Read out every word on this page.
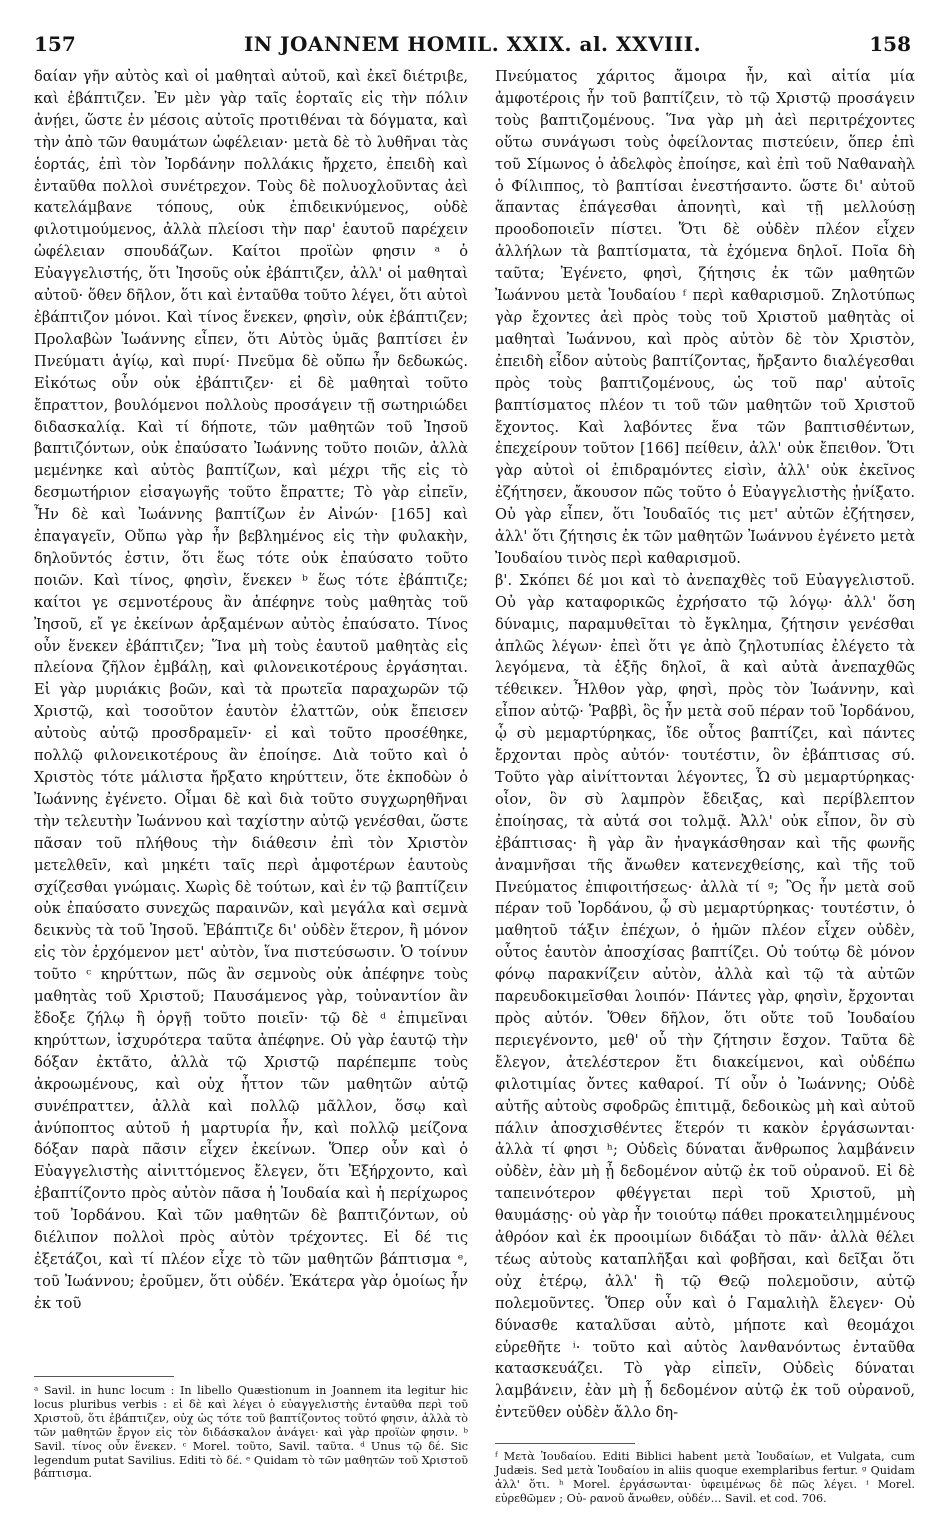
157	IN JOANNEM HOMIL. XXIX. al. XXVIII.	158

δαίαν γῆν αὐτὸς καὶ οἱ μαθηταὶ αὐτοῦ, καὶ ἐκεῖ διέτριβε, καὶ ἐβάπτιζεν. Ἐν μὲν γὰρ ταῖς ἑορταῖς εἰς τὴν πόλιν ἀνῄει, ὥστε ἐν μέσοις αὐτοῖς προτιθέναι τὰ δόγματα, καὶ τὴν ἀπὸ τῶν θαυμάτων ὠφέλειαν· μετὰ δὲ τὸ λυθῆναι τὰς ἑορτάς, ἐπὶ τὸν Ἰορδάνην πολλάκις ἤρχετο, ἐπειδὴ καὶ ἐνταῦθα πολλοὶ συνέτρεχον. Τοὺς δὲ πολυοχλοῦντας ἀεὶ κατελάμβανε τόπους, οὐκ ἐπιδεικνύμενος, οὐδὲ φιλοτιμούμενος, ἀλλὰ πλείοσι τὴν παρ' ἑαυτοῦ παρέχειν ὠφέλειαν σπουδάζων. Καίτοι προϊὼν φησιν ᵃ ὁ Εὐαγγελιστής, ὅτι Ἰησοῦς οὐκ ἐβάπτιζεν, ἀλλ' οἱ μαθηταὶ αὐτοῦ· ὅθεν δῆλον, ὅτι καὶ ἐνταῦθα τοῦτο λέγει, ὅτι αὐτοὶ ἐβάπτιζον μόνοι. Καὶ τίνος ἕνεκεν, φησὶν, οὐκ ἐβάπτιζεν; Προλαβὼν Ἰωάννης εἶπεν, ὅτι Αὐτὸς ὑμᾶς βαπτίσει ἐν Πνεύματι ἁγίῳ, καὶ πυρί· Πνεῦμα δὲ οὔπω ἦν δεδωκώς. Εἰκότως οὖν οὐκ ἐβάπτιζεν· εἰ δὲ μαθηταὶ τοῦτο ἔπραττον, βουλόμενοι πολλοὺς προσάγειν τῇ σωτηριώδει διδασκαλίᾳ. Καὶ τί δήποτε, τῶν μαθητῶν τοῦ Ἰησοῦ βαπτιζόντων, οὐκ ἐπαύσατο Ἰωάννης τοῦτο ποιῶν, ἀλλὰ μεμένηκε καὶ αὐτὸς βαπτίζων, καὶ μέχρι τῆς εἰς τὸ δεσμωτήριον εἰσαγωγῆς τοῦτο ἔπραττε; Τὸ γὰρ εἰπεῖν, Ἦν δὲ καὶ Ἰωάννης βαπτίζων ἐν Αἰνών· [165] καὶ ἐπαγαγεῖν, Οὔπω γὰρ ἦν βεβλημένος εἰς τὴν φυλακὴν, δηλοῦντός ἐστιν, ὅτι ἕως τότε οὐκ ἐπαύσατο τοῦτο ποιῶν. Καὶ τίνος, φησὶν, ἕνεκεν ᵇ ἕως τότε ἐβάπτιζε; καίτοι γε σεμνοτέρους ἂν ἀπέφηνε τοὺς μαθητὰς τοῦ Ἰησοῦ, εἴ γε ἐκείνων ἀρξαμένων αὐτὸς ἐπαύσατο. Τίνος οὖν ἕνεκεν ἐβάπτιζεν; Ἵνα μὴ τοὺς ἑαυτοῦ μαθητὰς εἰς πλείονα ζῆλον ἐμβάλῃ, καὶ φιλονεικοτέρους ἐργάσηται. Εἰ γὰρ μυριάκις βοῶν, καὶ τὰ πρωτεῖα παραχωρῶν τῷ Χριστῷ, καὶ τοσοῦτον ἑαυτὸν ἐλαττῶν, οὐκ ἔπεισεν αὐτοὺς αὐτῷ προσδραμεῖν· εἰ καὶ τοῦτο προσέθηκε, πολλῷ φιλονεικοτέρους ἂν ἐποίησε. Διὰ τοῦτο καὶ ὁ Χριστὸς τότε μάλιστα ἤρξατο κηρύττειν, ὅτε ἐκποδὼν ὁ Ἰωάννης ἐγένετο. Οἶμαι δὲ καὶ διὰ τοῦτο συγχωρηθῆναι τὴν τελευτὴν Ἰωάννου καὶ ταχίστην αὐτῷ γενέσθαι, ὥστε πᾶσαν τοῦ πλήθους τὴν διάθεσιν ἐπὶ τὸν Χριστὸν μετελθεῖν, καὶ μηκέτι ταῖς περὶ ἀμφοτέρων ἑαυτοὺς σχίζεσθαι γνώμαις. Χωρὶς δὲ τούτων, καὶ ἐν τῷ βαπτίζειν οὐκ ἐπαύσατο συνεχῶς παραινῶν, καὶ μεγάλα καὶ σεμνὰ δεικνὺς τὰ τοῦ Ἰησοῦ. Ἐβάπτιζε δι' οὐδὲν ἕτερον, ἢ μόνον εἰς τὸν ἐρχόμενον μετ' αὐτὸν, ἵνα πιστεύσωσιν. Ὁ τοίνυν τοῦτο ᶜ κηρύττων, πῶς ἂν σεμνοὺς οὐκ ἀπέφηνε τοὺς μαθητὰς τοῦ Χριστοῦ; Παυσάμενος γὰρ, τοὐναντίον ἂν ἔδοξε ζήλῳ ἢ ὀργῇ τοῦτο ποιεῖν· τῷ δὲ ᵈ ἐπιμεῖναι κηρύττων, ἰσχυρότερα ταῦτα ἀπέφηνε. Οὐ γὰρ ἑαυτῷ τὴν δόξαν ἐκτᾶτο, ἀλλὰ τῷ Χριστῷ παρέπεμπε τοὺς ἀκροωμένους, καὶ οὐχ ἧττον τῶν μαθητῶν αὐτῷ συνέπραττεν, ἀλλὰ καὶ πολλῷ μᾶλλον, ὅσῳ καὶ ἀνύποπτος αὐτοῦ ἡ μαρτυρία ἦν, καὶ πολλῷ μείζονα δόξαν παρὰ πᾶσιν εἶχεν ἐκείνων. Ὅπερ οὖν καὶ ὁ Εὐαγγελιστὴς αἰνιττόμενος ἔλεγεν, ὅτι Ἐξήρχοντο, καὶ ἐβαπτίζοντο πρὸς αὐτὸν πᾶσα ἡ Ἰουδαία καὶ ἡ περίχωρος τοῦ Ἰορδάνου. Καὶ τῶν μαθητῶν δὲ βαπτιζόντων, οὐ διέλιπον πολλοὶ πρὸς αὐτὸν τρέχοντες. Εἰ δέ τις ἐξετάζοι, καὶ τί πλέον εἶχε τὸ τῶν μαθητῶν βάπτισμα ᵉ, τοῦ Ἰωάννου; ἐροῦμεν, ὅτι οὐδέν. Ἑκάτερα γὰρ ὁμοίως ἦν ἐκ τοῦ

Πνεύματος χάριτος ἄμοιρα ἦν, καὶ αἰτία μία ἀμφοτέροις ἦν τοῦ βαπτίζειν, τὸ τῷ Χριστῷ προσάγειν τοὺς βαπτιζομένους. Ἵνα γὰρ μὴ ἀεὶ περιτρέχοντες οὕτω συνάγωσι τοὺς ὀφείλοντας πιστεύειν, ὅπερ ἐπὶ τοῦ Σίμωνος ὁ ἀδελφὸς ἐποίησε, καὶ ἐπὶ τοῦ Ναθαναὴλ ὁ Φίλιππος, τὸ βαπτίσαι ἐνεστήσαντο. ὥστε δι' αὐτοῦ ἅπαντας ἐπάγεσθαι ἀπονητὶ, καὶ τῇ μελλούσῃ προοδοποιεῖν πίστει. Ὅτι δὲ οὐδὲν πλέον εἶχεν ἀλλήλων τὰ βαπτίσματα, τὰ ἑχόμενα δηλοῖ. Ποῖα δὴ ταῦτα; Ἐγένετο, φησὶ, ζήτησις ἐκ τῶν μαθητῶν Ἰωάννου μετὰ Ἰουδαίου ᶠ περὶ καθαρισμοῦ. Ζηλοτύπως γὰρ ἔχοντες ἀεὶ πρὸς τοὺς τοῦ Χριστοῦ μαθητὰς οἱ μαθηταὶ Ἰωάννου, καὶ πρὸς αὐτὸν δὲ τὸν Χριστὸν, ἐπειδὴ εἶδον αὐτοὺς βαπτίζοντας, ἤρξαντο διαλέγεσθαι πρὸς τοὺς βαπτιζομένους, ὡς τοῦ παρ' αὐτοῖς βαπτίσματος πλέον τι τοῦ τῶν μαθητῶν τοῦ Χριστοῦ ἔχοντος. Καὶ λαβόντες ἕνα τῶν βαπτισθέντων, ἐπεχείρουν τοῦτον [166] πείθειν, ἀλλ' οὐκ ἔπειθον. Ὅτι γὰρ αὐτοὶ οἱ ἐπιδραμόντες εἰσὶν, ἀλλ' οὐκ ἐκεῖνος ἐζήτησεν, ἄκουσον πῶς τοῦτο ὁ Εὐαγγελιστὴς ᾐνίξατο. Οὐ γὰρ εἶπεν, ὅτι Ἰουδαῖός τις μετ' αὐτῶν ἐζήτησεν, ἀλλ' ὅτι ζήτησις ἐκ τῶν μαθητῶν Ἰωάννου ἐγένετο μετὰ Ἰουδαίου τινὸς περὶ καθαρισμοῦ.

β'. Σκόπει δέ μοι καὶ τὸ ἀνεπαχθὲς τοῦ Εὐαγγελιστοῦ. Οὐ γὰρ καταφορικῶς ἐχρήσατο τῷ λόγῳ· ἀλλ' ὅση δύναμις, παραμυθεῖται τὸ ἔγκλημα, ζήτησιν γενέσθαι ἁπλῶς λέγων· ἐπεὶ ὅτι γε ἀπὸ ζηλοτυπίας ἐλέγετο τὰ λεγόμενα, τὰ ἑξῆς δηλοῖ, ἃ καὶ αὐτὰ ἀνεπαχθῶς τέθεικεν. Ἦλθον γὰρ, φησὶ, πρὸς τὸν Ἰωάννην, καὶ εἶπον αὐτῷ· Ῥαββὶ, ὃς ἦν μετὰ σοῦ πέραν τοῦ Ἰορδάνου, ᾧ σὺ μεμαρτύρηκας, ἴδε οὗτος βαπτίζει, καὶ πάντες ἔρχονται πρὸς αὐτόν· τουτέστιν, ὃν ἐβάπτισας σύ. Τοῦτο γὰρ αἰνίττονται λέγοντες, Ὧ σὺ μεμαρτύρηκας· οἷον, ὃν σὺ λαμπρὸν ἔδειξας, καὶ περίβλεπτον ἐποίησας, τὰ αὐτά σοι τολμᾷ. Ἀλλ' οὐκ εἶπον, ὃν σὺ ἐβάπτισας· ἢ γὰρ ἂν ἠναγκάσθησαν καὶ τῆς φωνῆς ἀναμνῆσαι τῆς ἄνωθεν κατενεχθείσης, καὶ τῆς τοῦ Πνεύματος ἐπιφοιτήσεως· ἀλλὰ τί ᵍ; Ὃς ἦν μετὰ σοῦ πέραν τοῦ Ἰορδάνου, ᾧ σὺ μεμαρτύρηκας· τουτέστιν, ὁ μαθητοῦ τάξιν ἐπέχων, ὁ ἡμῶν πλέον εἶχεν οὐδὲν, οὗτος ἑαυτὸν ἀποσχίσας βαπτίζει. Οὐ τούτῳ δὲ μόνον φόνῳ παρακνίζειν αὐτὸν, ἀλλὰ καὶ τῷ τὰ αὐτῶν παρευδοκιμεῖσθαι λοιπόν· Πάντες γὰρ, φησὶν, ἔρχονται πρὸς αὐτόν. Ὅθεν δῆλον, ὅτι οὔτε τοῦ Ἰουδαίου περιεγένοντο, μεθ' οὗ τὴν ζήτησιν ἔσχον. Ταῦτα δὲ ἔλεγον, ἀτελέστερον ἔτι διακείμενοι, καὶ οὐδέπω φιλοτιμίας ὄντες καθαροί. Τί οὖν ὁ Ἰωάννης; Οὐδὲ αὐτῆς αὐτοὺς σφοδρῶς ἐπιτιμᾷ, δεδοικὼς μὴ καὶ αὐτοῦ πάλιν ἀποσχισθέντες ἕτερόν τι κακὸν ἐργάσωνται· ἀλλὰ τί φησι ʰ; Οὐδεὶς δύναται ἄνθρωπος λαμβάνειν οὐδὲν, ἐὰν μὴ ᾖ δεδομένον αὐτῷ ἐκ τοῦ οὐρανοῦ. Εἰ δὲ ταπεινότερον φθέγγεται περὶ τοῦ Χριστοῦ, μὴ θαυμάσῃς· οὐ γὰρ ἦν τοιούτῳ πάθει προκατειλημμένους ἀθρόον καὶ ἐκ προοιμίων διδάξαι τὸ πᾶν· ἀλλὰ θέλει τέως αὐτοὺς καταπλῆξαι καὶ φοβῆσαι, καὶ δεῖξαι ὅτι οὐχ ἑτέρῳ, ἀλλ' ἢ τῷ Θεῷ πολεμοῦσιν, αὐτῷ πολεμοῦντες. Ὅπερ οὖν καὶ ὁ Γαμαλιὴλ ἔλεγεν· Οὐ δύνασθε καταλῦσαι αὐτὸ, μήποτε καὶ θεομάχοι εὑρεθῆτε ⁱ· τοῦτο καὶ αὐτὸς λανθανόντως ἐνταῦθα κατασκευάζει. Τὸ γὰρ εἰπεῖν, Οὐδεὶς δύναται λαμβάνειν, ἐὰν μὴ ᾖ δεδομένον αὐτῷ ἐκ τοῦ οὐρανοῦ, ἐντεῦθεν οὐδὲν ἄλλο δη-

ᵃ Savil. in hunc locum : In libello Quæstionum in Joannem ita legitur hic locus pluribus verbis : εἰ δὲ καὶ λέγει ὁ εὐαγγελιστὴς ἐνταῦθα περὶ τοῦ Χριστοῦ, ὅτι ἐβάπτιζεν, οὐχ ὡς τότε τοῦ βαπτίζοντος τοῦτό φησιν, ἀλλὰ τὸ τῶν μαθητῶν ἔργον εἰς τὸν διδάσκαλον ἀνάγει· καὶ γὰρ προϊὼν φησιν. ᵇ Savil. τίνος οὖν ἕνεκεν. ᶜ Morel. τοῦτο, Savil. ταῦτα. ᵈ Unus τῷ δέ. Sic legendum putat Savilius. Editi τὸ δέ. ᵉ Quidam τὸ τῶν μαθητῶν τοῦ Χριστοῦ βάπτισμα.
ᶠ Μετὰ Ἰουδαίου. Editi Biblici habent μετὰ Ἰουδαίων, et Vulgata, cum Judæis. Sed μετὰ Ἰουδαίου in aliis quoque exemplaribus fertur. ᵍ Quidam ἀλλ' ὅτι. ʰ Morel. ἐργάσωνται· ὑφειμένως δὲ πῶς λέγει. ⁱ Morel. εὑρεθῶμεν ; Οὐ- ρανοῦ ἄνωθεν, οὐδέν... Savil. et cod. 706.
